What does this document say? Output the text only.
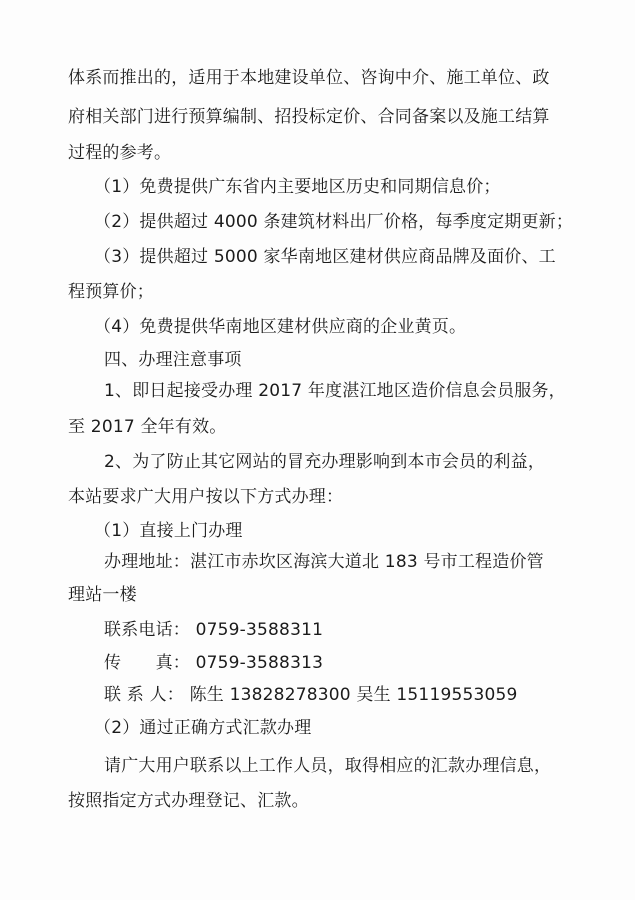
体系而推出的，适用于本地建设单位、咨询中介、施工单位、政
府相关部门进行预算编制、招投标定价、合同备案以及施工结算
过程的参考。
（1）免费提供广东省内主要地区历史和同期信息价；
（2）提供超过 4000 条建筑材料出厂价格，每季度定期更新；
（3）提供超过 5000 家华南地区建材供应商品牌及面价、工
程预算价；
（4）免费提供华南地区建材供应商的企业黄页。
四、办理注意事项
1、即日起接受办理 2017 年度湛江地区造价信息会员服务，
至 2017 全年有效。
2、为了防止其它网站的冒充办理影响到本市会员的利益，
本站要求广大用户按以下方式办理：
（1）直接上门办理
办理地址：湛江市赤坎区海滨大道北 183 号市工程造价管
理站一楼
联系电话： 0759-3588311
传　　真： 0759-3588313
联 系 人： 陈生 13828278300 吴生 15119553059
（2）通过正确方式汇款办理
请广大用户联系以上工作人员，取得相应的汇款办理信息，
按照指定方式办理登记、汇款。
